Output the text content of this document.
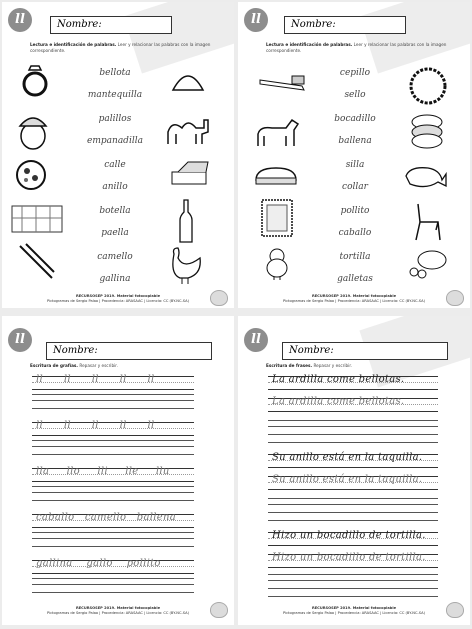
ll	Nombre:
Lectura e identificación de palabras. Leer y relacionar las palabras con la imagen correspondiente.
bellota
mantequilla
palillos
empanadilla
calle
anillo
botella
paella
camello
gallina
RECURSOSEP 2019. Material fotocopiable
Pictogramas de Sergio Palao | Procedencia: ARASAAC | Licencia: CC (BY-NC-SA)
ll	Nombre:
Lectura e identificación de palabras. Leer y relacionar las palabras con la imagen correspondiente.
cepillo
sello
bocadillo
ballena
silla
collar
pollito
caballo
tortilla
galletas
RECURSOSEP 2019. Material fotocopiable
Pictogramas de Sergio Palao | Procedencia: ARASAAC | Licencia: CC (BY-NC-SA)
ll
Nombre:
Escritura de grafías. Repasar y escribir.
ll      ll      ll      ll      ll
ll      ll      ll      ll      ll
lla     llo     lli     lle     llu
caballo   camello   ballena
gallina    gallo    pollito
RECURSOSEP 2019. Material fotocopiable
Pictogramas de Sergio Palao | Procedencia: ARASAAC | Licencia: CC (BY-NC-SA)
ll
Nombre:
Escritura de frases. Repasar y escribir.
La ardilla come bellotas.
La ardilla come bellotas.
Su anillo está en la taquilla.
Su anillo está en la taquilla.
Hizo un bocadillo de tortilla.
Hizo un bocadillo de tortilla.
RECURSOSEP 2019. Material fotocopiable
Pictogramas de Sergio Palao | Procedencia: ARASAAC | Licencia: CC (BY-NC-SA)
